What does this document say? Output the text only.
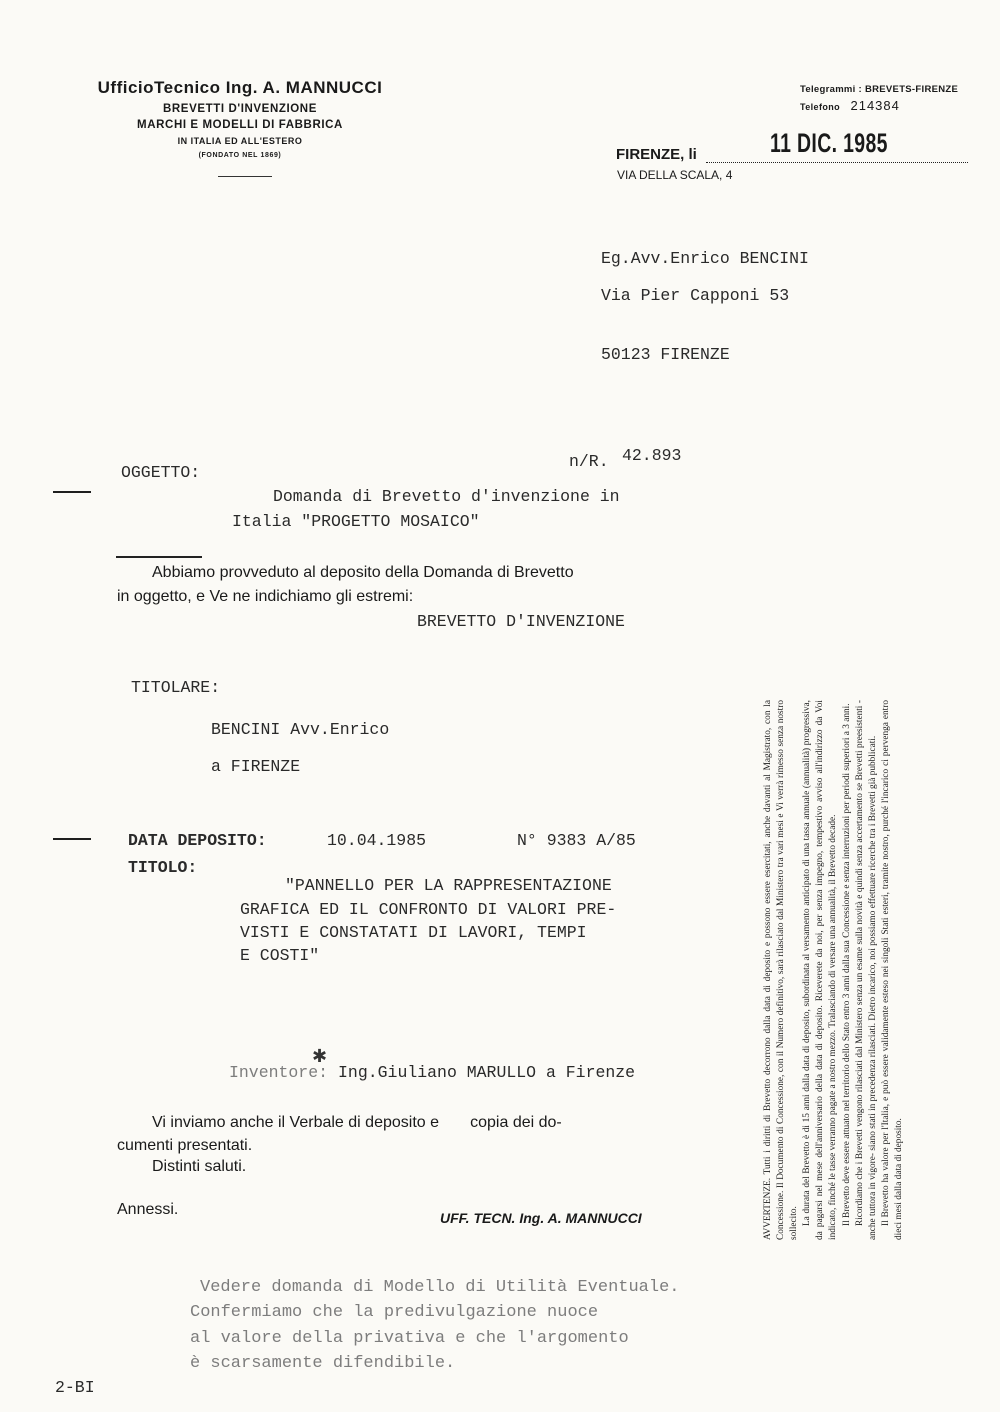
UfficioTecnico Ing. A. MANNUCCI
BREVETTI D'INVENZIONE
MARCHI E MODELLI DI FABBRICA
IN ITALIA ED ALL'ESTERO
(FONDATO NEL 1869)
Telegrammi : BREVETS-FIRENZE
Telefono 214384
FIRENZE, li	11 DIC. 1985
VIA DELLA SCALA, 4
Eg.Avv.Enrico BENCINI
Via Pier Capponi 53
50123 FIRENZE
n/R. 42.893
OGGETTO:
Domanda di Brevetto d'invenzione in
Italia "PROGETTO MOSAICO"
Abbiamo provveduto al deposito della Domanda di Brevetto
in oggetto, e Ve ne indichiamo gli estremi:
BREVETTO D'INVENZIONE
TITOLARE:
BENCINI Avv.Enrico
a FIRENZE
DATA DEPOSITO:	10.04.1985	N° 9383 A/85
TITOLO:
"PANNELLO PER LA RAPPRESENTAZIONE
GRAFICA ED IL CONFRONTO DI VALORI PRE-
VISTI E CONSTATATI DI LAVORI, TEMPI
E COSTI"
Inventore: Ing.Giuliano MARULLO a Firenze
✱
Vi inviamo anche il Verbale di deposito e       copia dei do-
cumenti presentati.
Distinti saluti.
Annessi.	UFF. TECN. Ing. A. MANNUCCI
Vedere domanda di Modello di Utilità Eventuale.
Confermiamo che la predivulgazione nuoce
al valore della privativa e che l'argomento
è scarsamente difendibile.
2-BI

AVVERTENZE. Tutti i diritti di Brevetto decorrono dalla data di deposito e possono essere esercitati, anche davanti al Magistrato, con la Concessione. Il Documento di Concessione, con il Numero definitivo, sarà rilasciato dal Ministero tra vari mesi e Vi verrà rimesso senza nostro sollecito. La durata del Brevetto è di 15 anni dalla data di deposito, subordinata al versamento anticipato di una tassa annuale (annualità) progressiva, da pagarsi nel mese dell'anniversario della data di deposito. Riceverete da noi, per senza impegno, tempestivo avviso all'indirizzo da Voi indicato, finché le tasse verranno pagate a nostro mezzo. Tralasciando di versare una annualità, il Brevetto decade. Il Brevetto deve essere attuato nel territorio dello Stato entro 3 anni dalla sua Concessione e senza interruzioni per periodi superiori a 3 anni. Ricordiamo che i Brevetti vengono rilasciati dal Ministero senza un esame sulla novità e quindi senza accertamento se Brevetti preesistenti -anche tuttora in vigore- siano stati in precedenza rilasciati. Dietro incarico, noi possiamo effettuare ricerche tra i Brevetti già pubblicati. Il Brevetto ha valore per l'Italia, e può essere validamente esteso nei singoli Stati esteri, tramite nostro, purché l'incarico ci pervenga entro dieci mesi dalla data di deposito.
